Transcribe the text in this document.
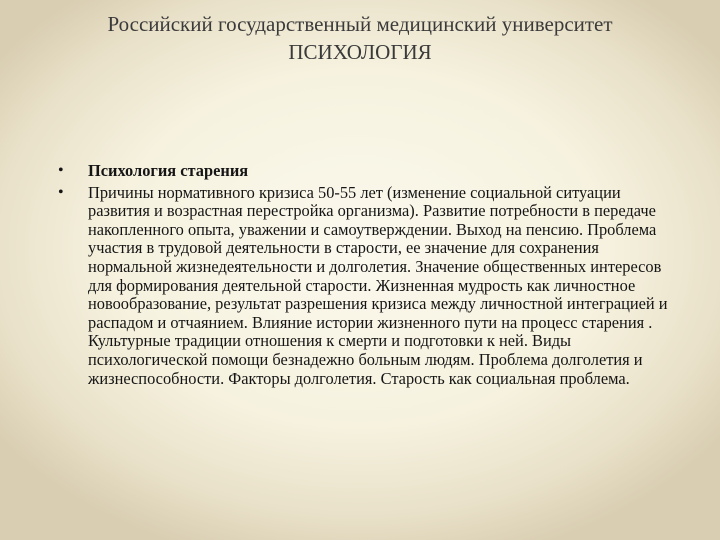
Российский государственный медицинский университет
ПСИХОЛОГИЯ
•	Психология старения
•	Причины нормативного кризиса 50-55 лет (изменение социальной ситуации развития и возрастная перестройка организма). Развитие потребности в передаче накопленного опыта, уважении и самоутверждении. Выход на пенсию. Проблема участия в трудовой деятельности в старости, ее значение для сохранения нормальной жизнедеятельности и долголетия. Значение общественных интересов для формирования деятельной старости. Жизненная мудрость как личностное новообразование, результат разрешения кризиса между личностной интеграцией и распадом и отчаянием. Влияние истории жизненного пути на процесс старения . Культурные традиции отношения к смерти и подготовки к ней. Виды психологической помощи безнадежно больным людям. Проблема долголетия и жизнеспособности. Факторы долголетия. Старость как социальная проблема.
